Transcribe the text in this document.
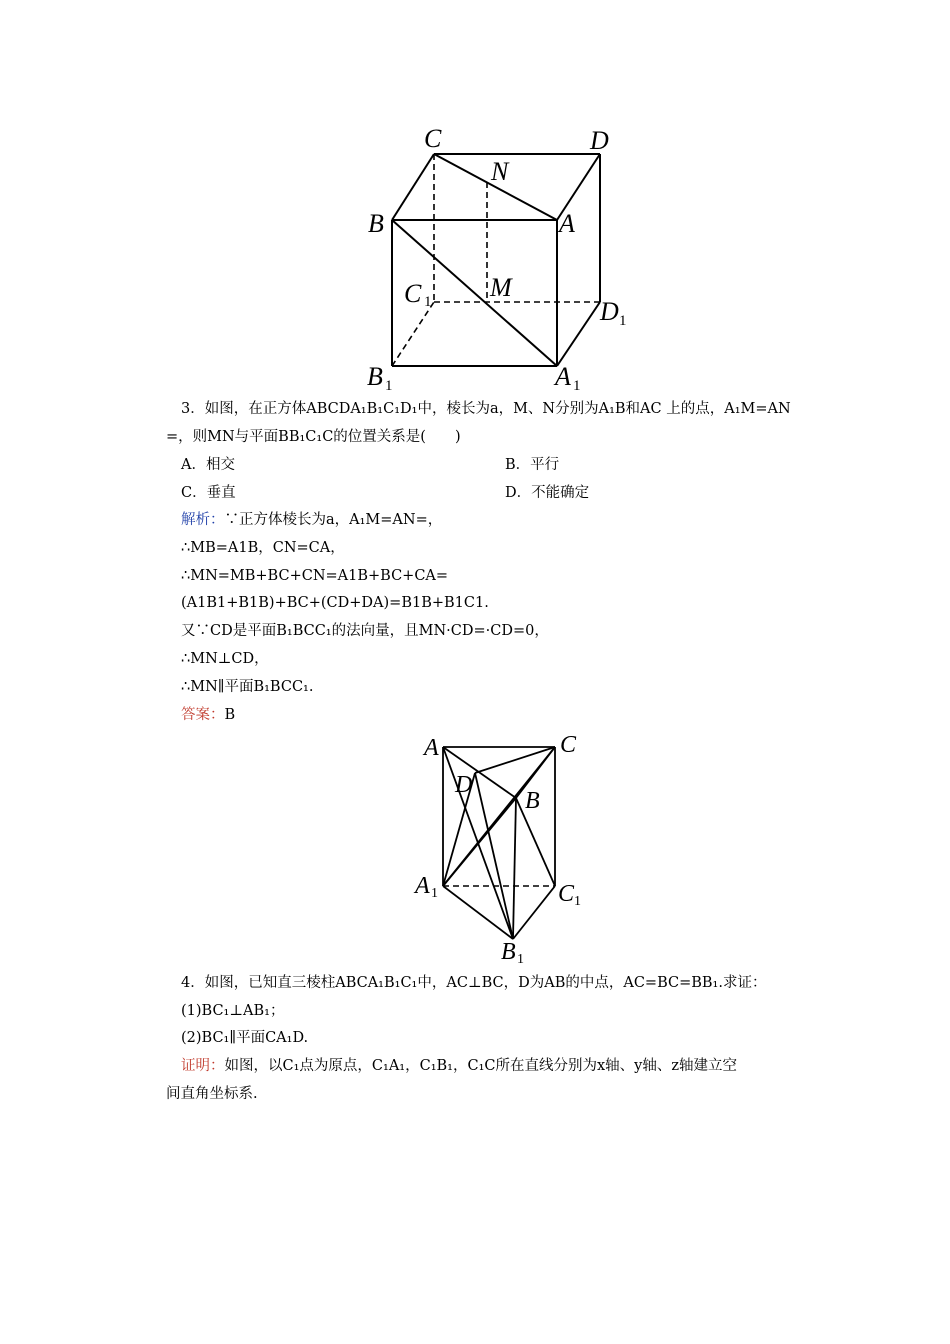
C	D
N
B	A
C	M
D
B	A
1
1
1	1
3．如图，在正方体ABCDA₁B₁C₁D₁中，棱长为a，M、N分别为A₁B和AC 上的点，A₁M=AN
=，则MN与平面BB₁C₁C的位置关系是(　　)
A．相交	B．平行
C．垂直	D．不能确定
解析：∵正方体棱长为a，A₁M=AN=，
∴MB=A1B，CN=CA，
∴MN=MB+BC+CN=A1B+BC+CA=
(A1B1+B1B)+BC+(CD+DA)=B1B+B1C1.
又∵CD是平面B₁BCC₁的法向量，且MN·CD=·CD=0，
∴MN⊥CD，
∴MN∥平面B₁BCC₁.
答案：B
A	C
D
B
A	C
B
1
1
1
4．如图，已知直三棱柱ABCA₁B₁C₁中，AC⊥BC，D为AB的中点，AC=BC=BB₁.求证：
(1)BC₁⊥AB₁；
(2)BC₁∥平面CA₁D.
证明：如图，以C₁点为原点，C₁A₁，C₁B₁，C₁C所在直线分别为x轴、y轴、z轴建立空
间直角坐标系.
